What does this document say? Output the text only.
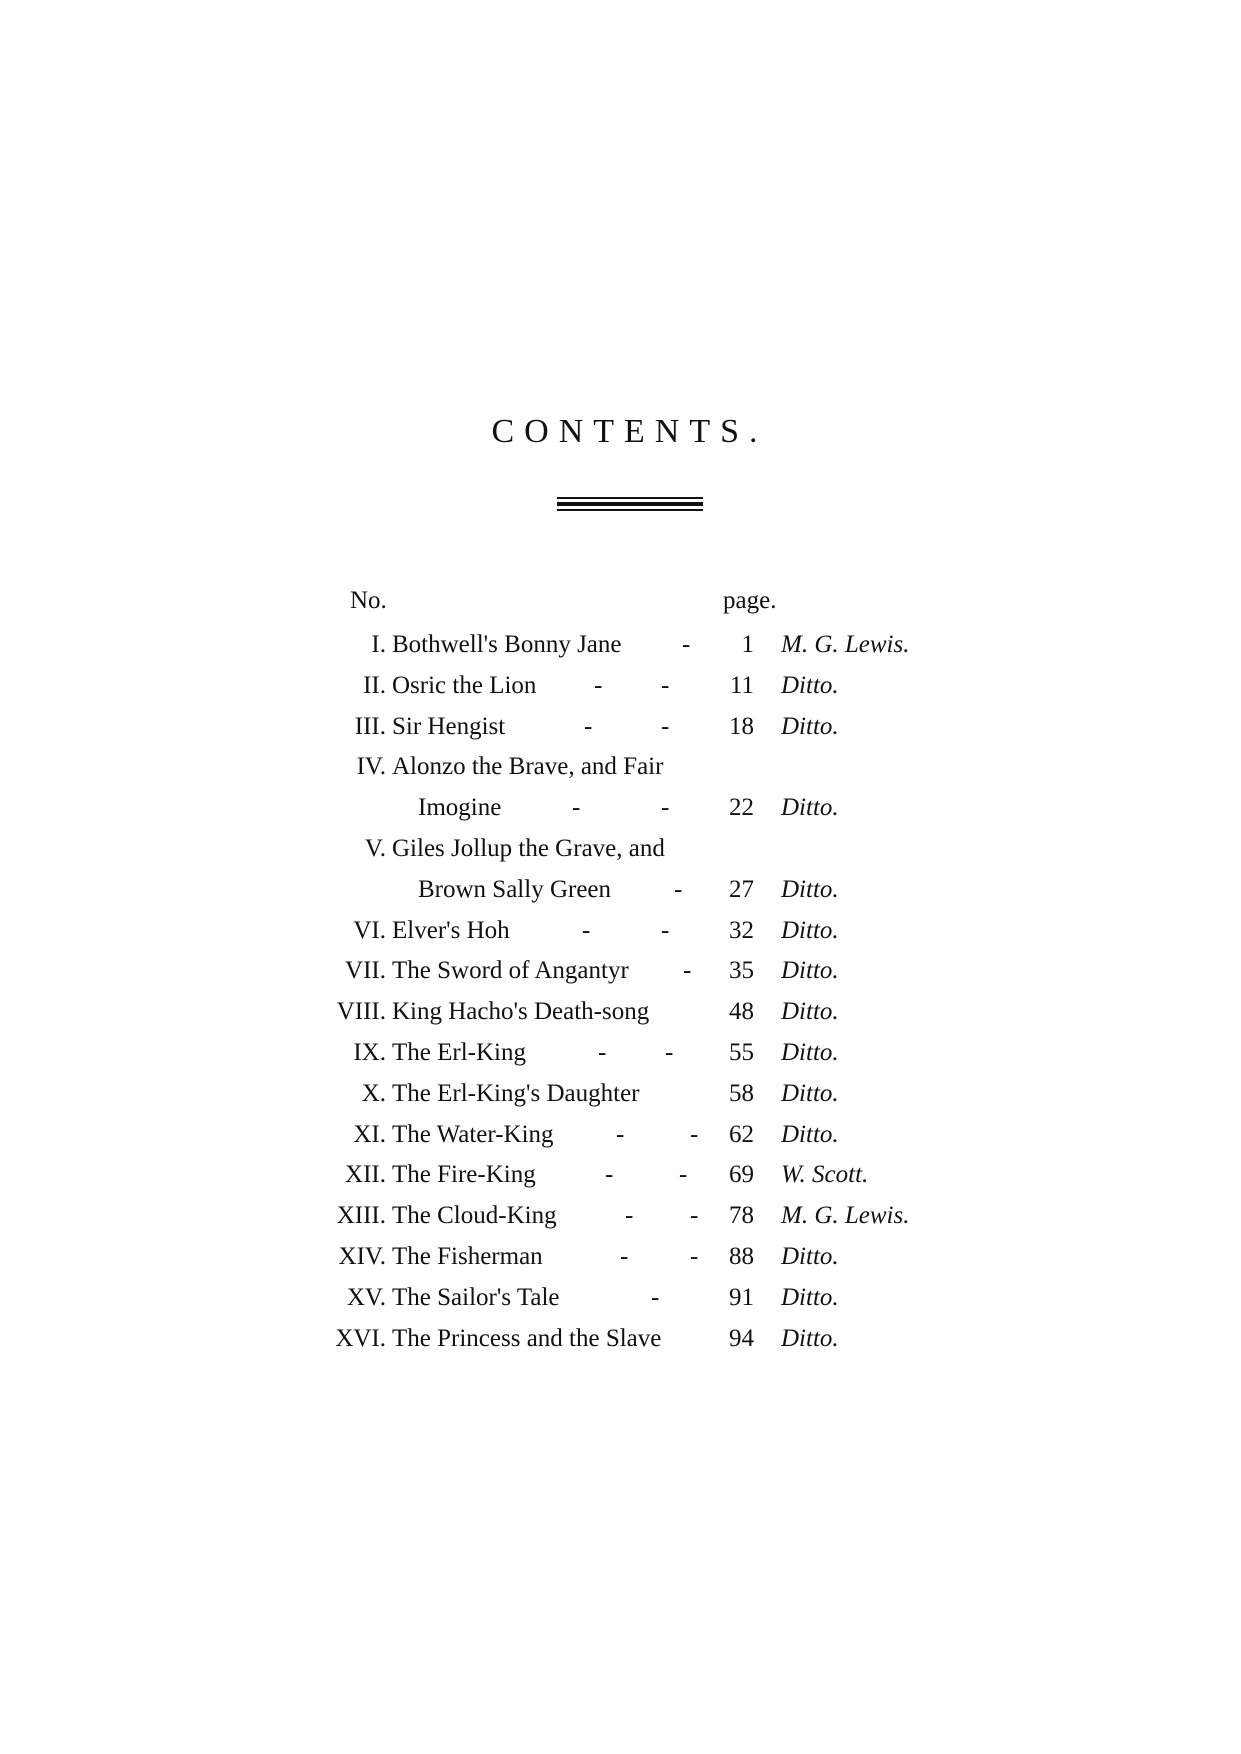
CONTENTS.
No.	page.
I. Bothwell's Bonny Jane - 1 M. G. Lewis.
II. Osric the Lion - - 11 Ditto.
III. Sir Hengist	-	- 18 Ditto.
IV. Alonzo the Brave, and Fair
Imogine	-	- 22 Ditto.
V. Giles Jollup the Grave, and
Brown Sally Green	- 27 Ditto.
VI. Elver's Hoh	-	- 32 Ditto.
VII. The Sword of Angantyr - 35 Ditto.
VIII. King Hacho's Death-song	48 Ditto.
IX. The Erl-King	- - 55 Ditto.
X. The Erl-King's Daughter	58 Ditto.
XI. The Water-King -	- 62 Ditto.
XII. The Fire-King	-	- 69 W. Scott.
XIII. The Cloud-King	- - 78 M. G. Lewis.
XIV. The Fisherman	- - 88 Ditto.
XV. The Sailor's Tale	-	91 Ditto.
XVI. The Princess and the Slave	94 Ditto.
